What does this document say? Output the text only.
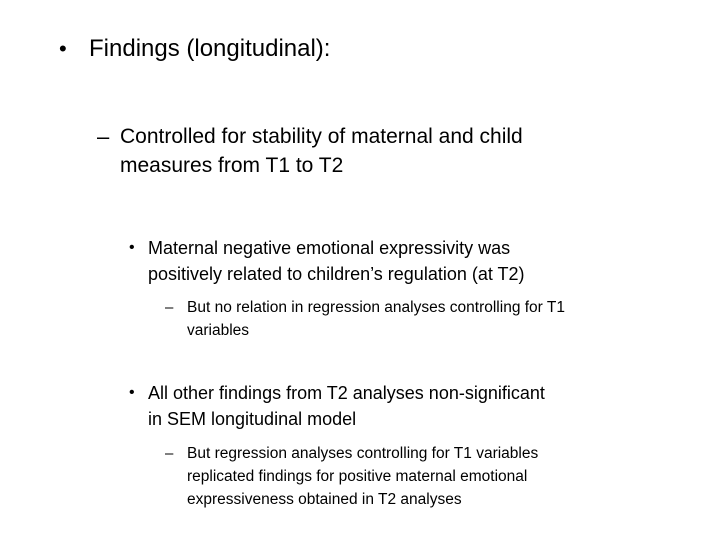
• Findings (longitudinal):
– Controlled for stability of maternal and child
measures from T1 to T2
• Maternal negative emotional expressivity was
positively related to children’s regulation (at T2)
– But no relation in regression analyses controlling for T1
variables
• All other findings from T2 analyses non-significant
in SEM longitudinal model
– But regression analyses controlling for T1 variables
replicated findings for positive maternal emotional
expressiveness obtained in T2 analyses
